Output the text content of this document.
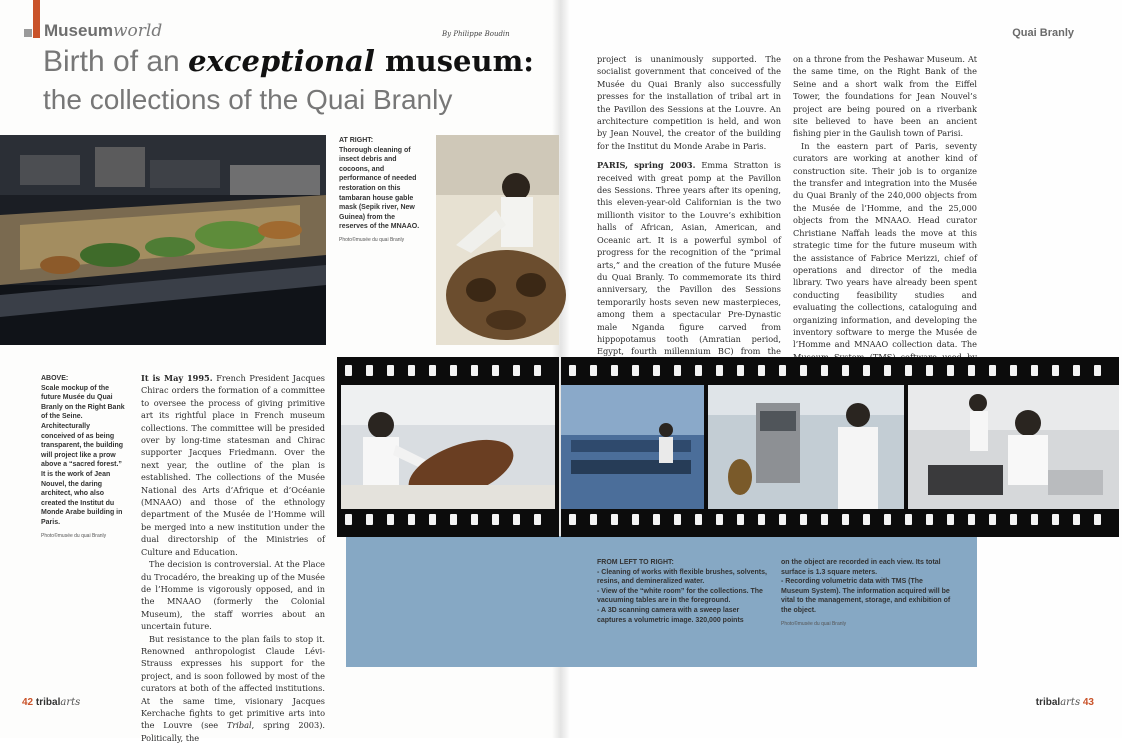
Museumworld	By Philippe Boudin	Quai Branly
Birth of an exceptional museum:
the collections of the Quai Branly
AT RIGHT:
Thorough cleaning of insect debris and cocoons, and performance of needed restoration on this tambaran house gable mask (Sepik river, New Guinea) from the reserves of the MNAAO.
Photo©musée du quai Branly
ABOVE:
Scale mockup of the future Musée du Quai Branly on the Right Bank of the Seine. Architecturally conceived of as being transparent, the building will project like a prow above a “sacred forest.” It is the work of Jean Nouvel, the daring architect, who also created the Institut du Monde Arabe building in Paris.
Photo©musée du quai Branly

It is May 1995. French President Jacques Chirac orders the formation of a committee to oversee the process of giving primitive art its rightful place in French museum collections. The committee will be presided over by long-time statesman and Chirac supporter Jacques Friedmann. Over the next year, the outline of the plan is established. The collections of the Musée National des Arts d’Afrique et d’Océanie (MNAAO) and those of the ethnology department of the Musée de l’Homme will be merged into a new institution under the dual directorship of the Ministries of Culture and Education.

The decision is controversial. At the Place du Trocadéro, the breaking up of the Musée de l’Homme is vigorously opposed, and in the MNAAO (formerly the Colonial Museum), the staff worries about an uncertain future.

But resistance to the plan fails to stop it. Renowned anthropologist Claude Lévi-Strauss expresses his support for the project, and is soon followed by most of the curators at both of the affected institutions. At the same time, visionary Jacques Kerchache fights to get primitive arts into the Louvre (see Tribal, spring 2003). Politically, the

project is unanimously supported. The socialist government that conceived of the Musée du Quai Branly also successfully presses for the installation of tribal art in the Pavillon des Sessions at the Louvre. An architecture competition is held, and won by Jean Nouvel, the creator of the building for the Institut du Monde Arabe in Paris.

PARIS, spring 2003. Emma Stratton is received with great pomp at the Pavillon des Sessions. Three years after its opening, this eleven-year-old Californian is the two millionth visitor to the Louvre’s exhibition halls of African, Asian, American, and Oceanic art. It is a powerful symbol of progress for the recognition of the “primal arts,” and the creation of the future Musée du Quai Branly. To commemorate its third anniversary, the Pavillon des Sessions temporarily hosts seven new masterpieces, among them a spectacular Pre-Dynastic male Nganda figure carved from hippopotamus tooth (Amratian period, Egypt, fourth millennium BC) from the

on a throne from the Peshawar Museum. At the same time, on the Right Bank of the Seine and a short walk from the Eiffel Tower, the foundations for Jean Nouvel’s project are being poured on a riverbank site believed to have been an ancient fishing pier in the Gaulish town of Parisi.

In the eastern part of Paris, seventy curators are working at another kind of construction site. Their job is to organize the transfer and integration into the Musée du Quai Branly of the 240,000 objects from the Musée de l’Homme, and the 25,000 objects from the MNAAO. Head curator Christiane Naffah leads the move at this strategic time for the future museum with the assistance of Fabrice Merizzi, chief of operations and director of the media library. Two years have already been spent conducting feasibility studies and evaluating the collections, cataloguing and organizing information, and developing the inventory software to merge the Musée de l’Homme and MNAAO collection data. The

FROM LEFT TO RIGHT:
- Cleaning of works with flexible brushes, solvents, resins, and demineralized water.
- View of the “white room” for the collections. The vacuuming tables are in the foreground.
- A 3D scanning camera with a sweep laser captures a volumetric image. 320,000 points
on the object are recorded in each view. Its total surface is 1.3 square meters.
- Recording volumetric data with TMS (The Museum System). The information acquired will be vital to the management, storage, and exhibition of the object.
Photo©musée du quai Branly
42 tribalarts	tribalarts 43
